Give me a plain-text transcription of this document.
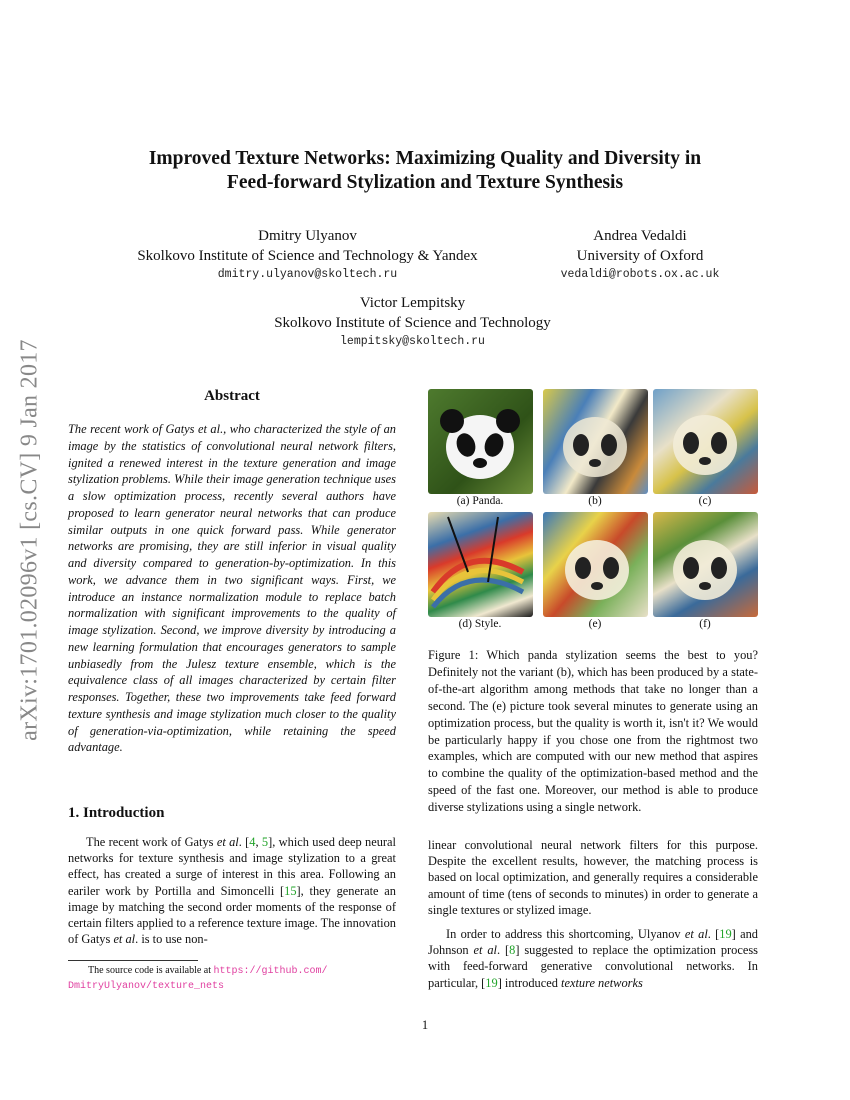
arXiv:1701.02096v1 [cs.CV] 9 Jan 2017
Improved Texture Networks: Maximizing Quality and Diversity in
Feed-forward Stylization and Texture Synthesis
Dmitry Ulyanov
Skolkovo Institute of Science and Technology & Yandex
dmitry.ulyanov@skoltech.ru
Andrea Vedaldi
University of Oxford
vedaldi@robots.ox.ac.uk
Victor Lempitsky
Skolkovo Institute of Science and Technology
lempitsky@skoltech.ru
Abstract
The recent work of Gatys et al., who characterized the style of an image by the statistics of convolutional neural network filters, ignited a renewed interest in the texture generation and image stylization problems. While their image generation technique uses a slow optimization process, recently several authors have proposed to learn generator neural networks that can produce similar outputs in one quick forward pass. While generator networks are promising, they are still inferior in visual quality and diversity compared to generation-by-optimization. In this work, we advance them in two significant ways. First, we introduce an instance normalization module to replace batch normalization with significant improvements to the quality of image stylization. Second, we improve diversity by introducing a new learning formulation that encourages generators to sample unbiasedly from the Julesz texture ensemble, which is the equivalence class of all images characterized by certain filter responses. Together, these two improvements take feed forward texture synthesis and image stylization much closer to the quality of generation-via-optimization, while retaining the speed advantage.
1. Introduction
The recent work of Gatys et al. [4, 5], which used deep neural networks for texture synthesis and image stylization to a great effect, has created a surge of interest in this area. Following an eariler work by Portilla and Simoncelli [15], they generate an image by matching the second order moments of the response of certain filters applied to a reference texture image. The innovation of Gatys et al. is to use non-
The source code is available at https://github.com/
DmitryUlyanov/texture_nets
(a) Panda.	(b)	(c)
(d) Style.	(e)	(f)
Figure 1: Which panda stylization seems the best to you? Definitely not the variant (b), which has been produced by a state-of-the-art algorithm among methods that take no longer than a second. The (e) picture took several minutes to generate using an optimization process, but the quality is worth it, isn't it? We would be particularly happy if you chose one from the rightmost two examples, which are computed with our new method that aspires to combine the quality of the optimization-based method and the speed of the fast one. Moreover, our method is able to produce diverse stylizations using a single network.
linear convolutional neural network filters for this purpose. Despite the excellent results, however, the matching process is based on local optimization, and generally requires a considerable amount of time (tens of seconds to minutes) in order to generate a single textures or stylized image.
In order to address this shortcoming, Ulyanov et al. [19] and Johnson et al. [8] suggested to replace the optimization process with feed-forward generative convolutional networks. In particular, [19] introduced texture networks
1
